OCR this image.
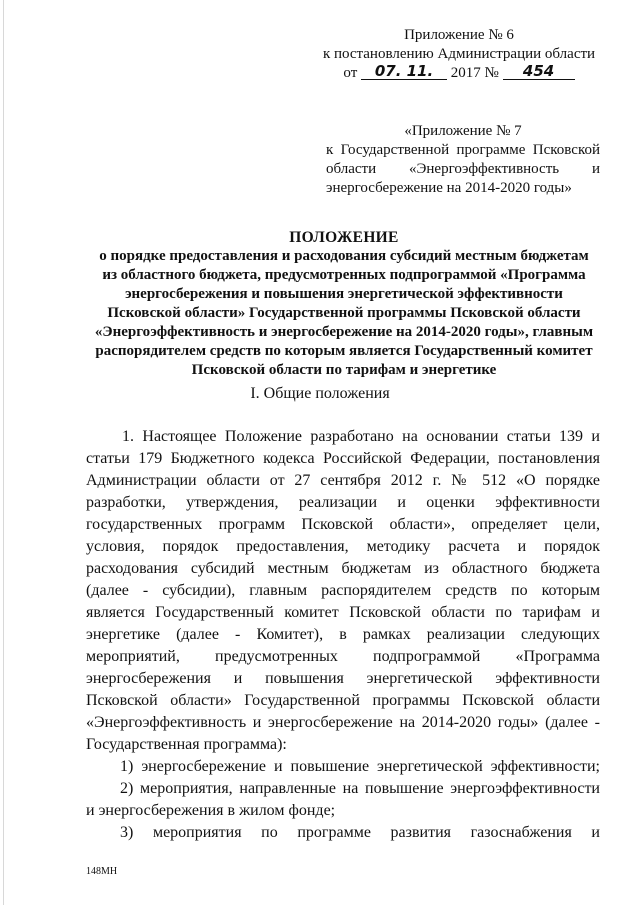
Приложение № 6
к постановлению Администрации области
от 07. 11. 2017 № 454
«Приложение № 7
к Государственной программе Псковской
области «Энергоэффективность и
энергосбережение на 2014-2020 годы»
ПОЛОЖЕНИЕ
о порядке предоставления и расходования субсидий местным бюджетам
из областного бюджета, предусмотренных подпрограммой «Программа
энергосбережения и повышения энергетической эффективности
Псковской области» Государственной программы Псковской области
«Энергоэффективность и энергосбережение на 2014-2020 годы», главным
распорядителем средств по которым является Государственный комитет
Псковской области по тарифам и энергетике
I. Общие положения
1. Настоящее Положение разработано на основании статьи 139 и
статьи 179 Бюджетного кодекса Российской Федерации, постановления
Администрации области от 27 сентября 2012 г. № 512 «О порядке
разработки, утверждения, реализации и оценки эффективности
государственных программ Псковской области», определяет цели,
условия, порядок предоставления, методику расчета и порядок
расходования субсидий местным бюджетам из областного бюджета
(далее - субсидии), главным распорядителем средств по которым
является Государственный комитет Псковской области по тарифам и
энергетике (далее - Комитет), в рамках реализации следующих
мероприятий, предусмотренных подпрограммой «Программа
энергосбережения и повышения энергетической эффективности
Псковской области» Государственной программы Псковской области
«Энергоэффективность и энергосбережение на 2014-2020 годы» (далее -
Государственная программа):
1) энергосбережение и повышение энергетической эффективности;
2) мероприятия, направленные на повышение энергоэффективности
и энергосбережения в жилом фонде;
3) мероприятия по программе развития газоснабжения и
148МН
